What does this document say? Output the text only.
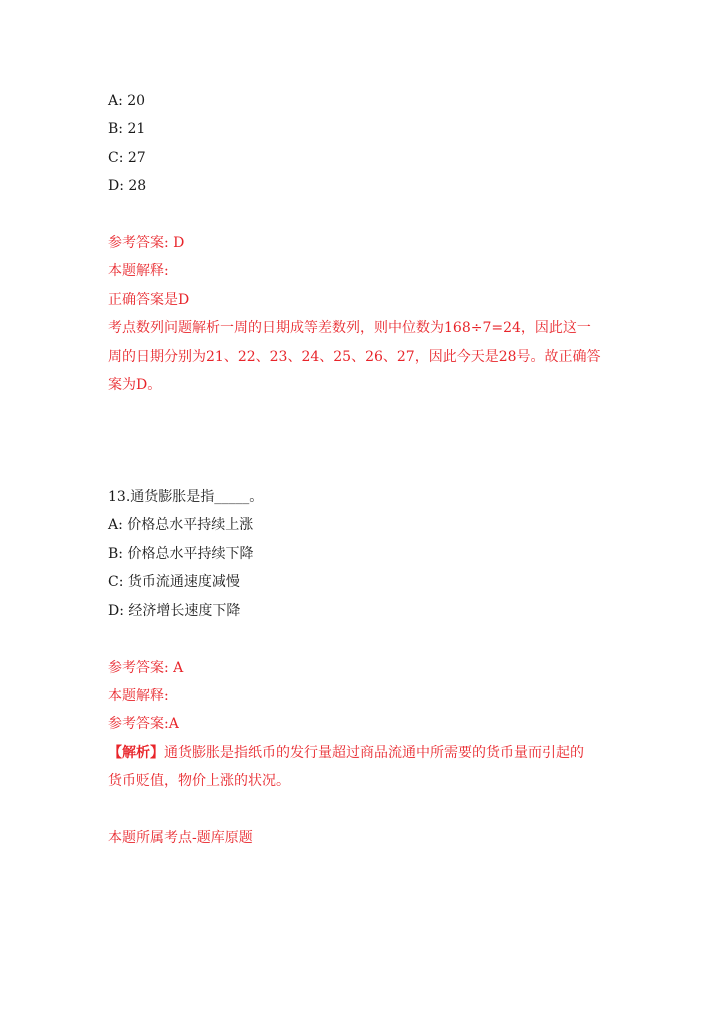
A: 20
B: 21
C: 27
D: 28
参考答案: D
本题解释:
正确答案是D
考点数列问题解析一周的日期成等差数列，则中位数为168÷7=24，因此这一
周的日期分别为21、22、23、24、25、26、27，因此今天是28号。故正确答
案为D。
13.通货膨胀是指_____。
A: 价格总水平持续上涨
B: 价格总水平持续下降
C: 货币流通速度减慢
D: 经济增长速度下降
参考答案: A
本题解释:
参考答案:A
【解析】通货膨胀是指纸币的发行量超过商品流通中所需要的货币量而引起的
货币贬值，物价上涨的状况。
本题所属考点-题库原题
